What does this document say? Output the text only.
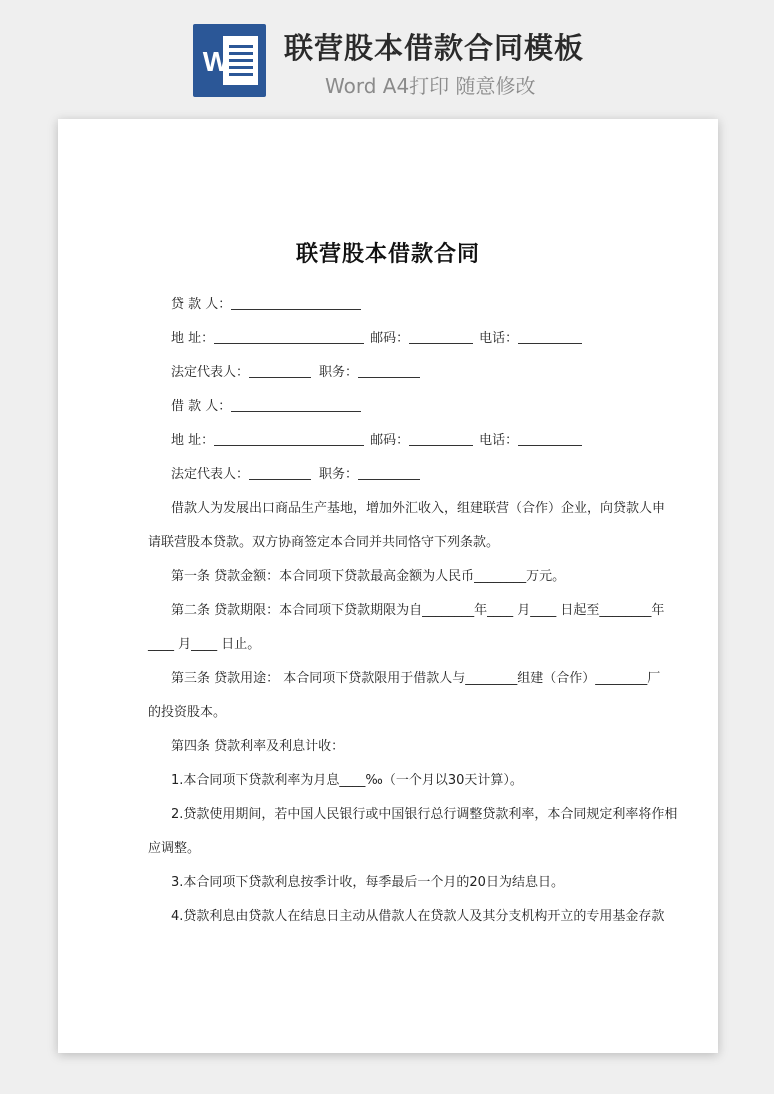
W 联营股本借款合同模板
Word A4打印 随意修改
联营股本借款合同
贷 款 人：
地 址：	邮码：	电话：
法定代表人：	职务：
借 款 人：
地 址：	邮码：	电话：
法定代表人：	职务：
借款人为发展出口商品生产基地，增加外汇收入，组建联营（合作）企业，向贷款人申
请联营股本贷款。双方协商签定本合同并共同恪守下列条款。
第一条 贷款金额：本合同项下贷款最高金额为人民币________万元。
第二条 贷款期限：本合同项下贷款期限为自________年____ 月____ 日起至________年
____ 月____ 日止。
第三条 贷款用途： 本合同项下贷款限用于借款人与________组建（合作）________厂
的投资股本。
第四条 贷款利率及利息计收：
1.本合同项下贷款利率为月息____‰（一个月以30天计算）。
2.贷款使用期间，若中国人民银行或中国银行总行调整贷款利率，本合同规定利率将作相
应调整。
3.本合同项下贷款利息按季计收，每季最后一个月的20日为结息日。
4.贷款利息由贷款人在结息日主动从借款人在贷款人及其分支机构开立的专用基金存款
